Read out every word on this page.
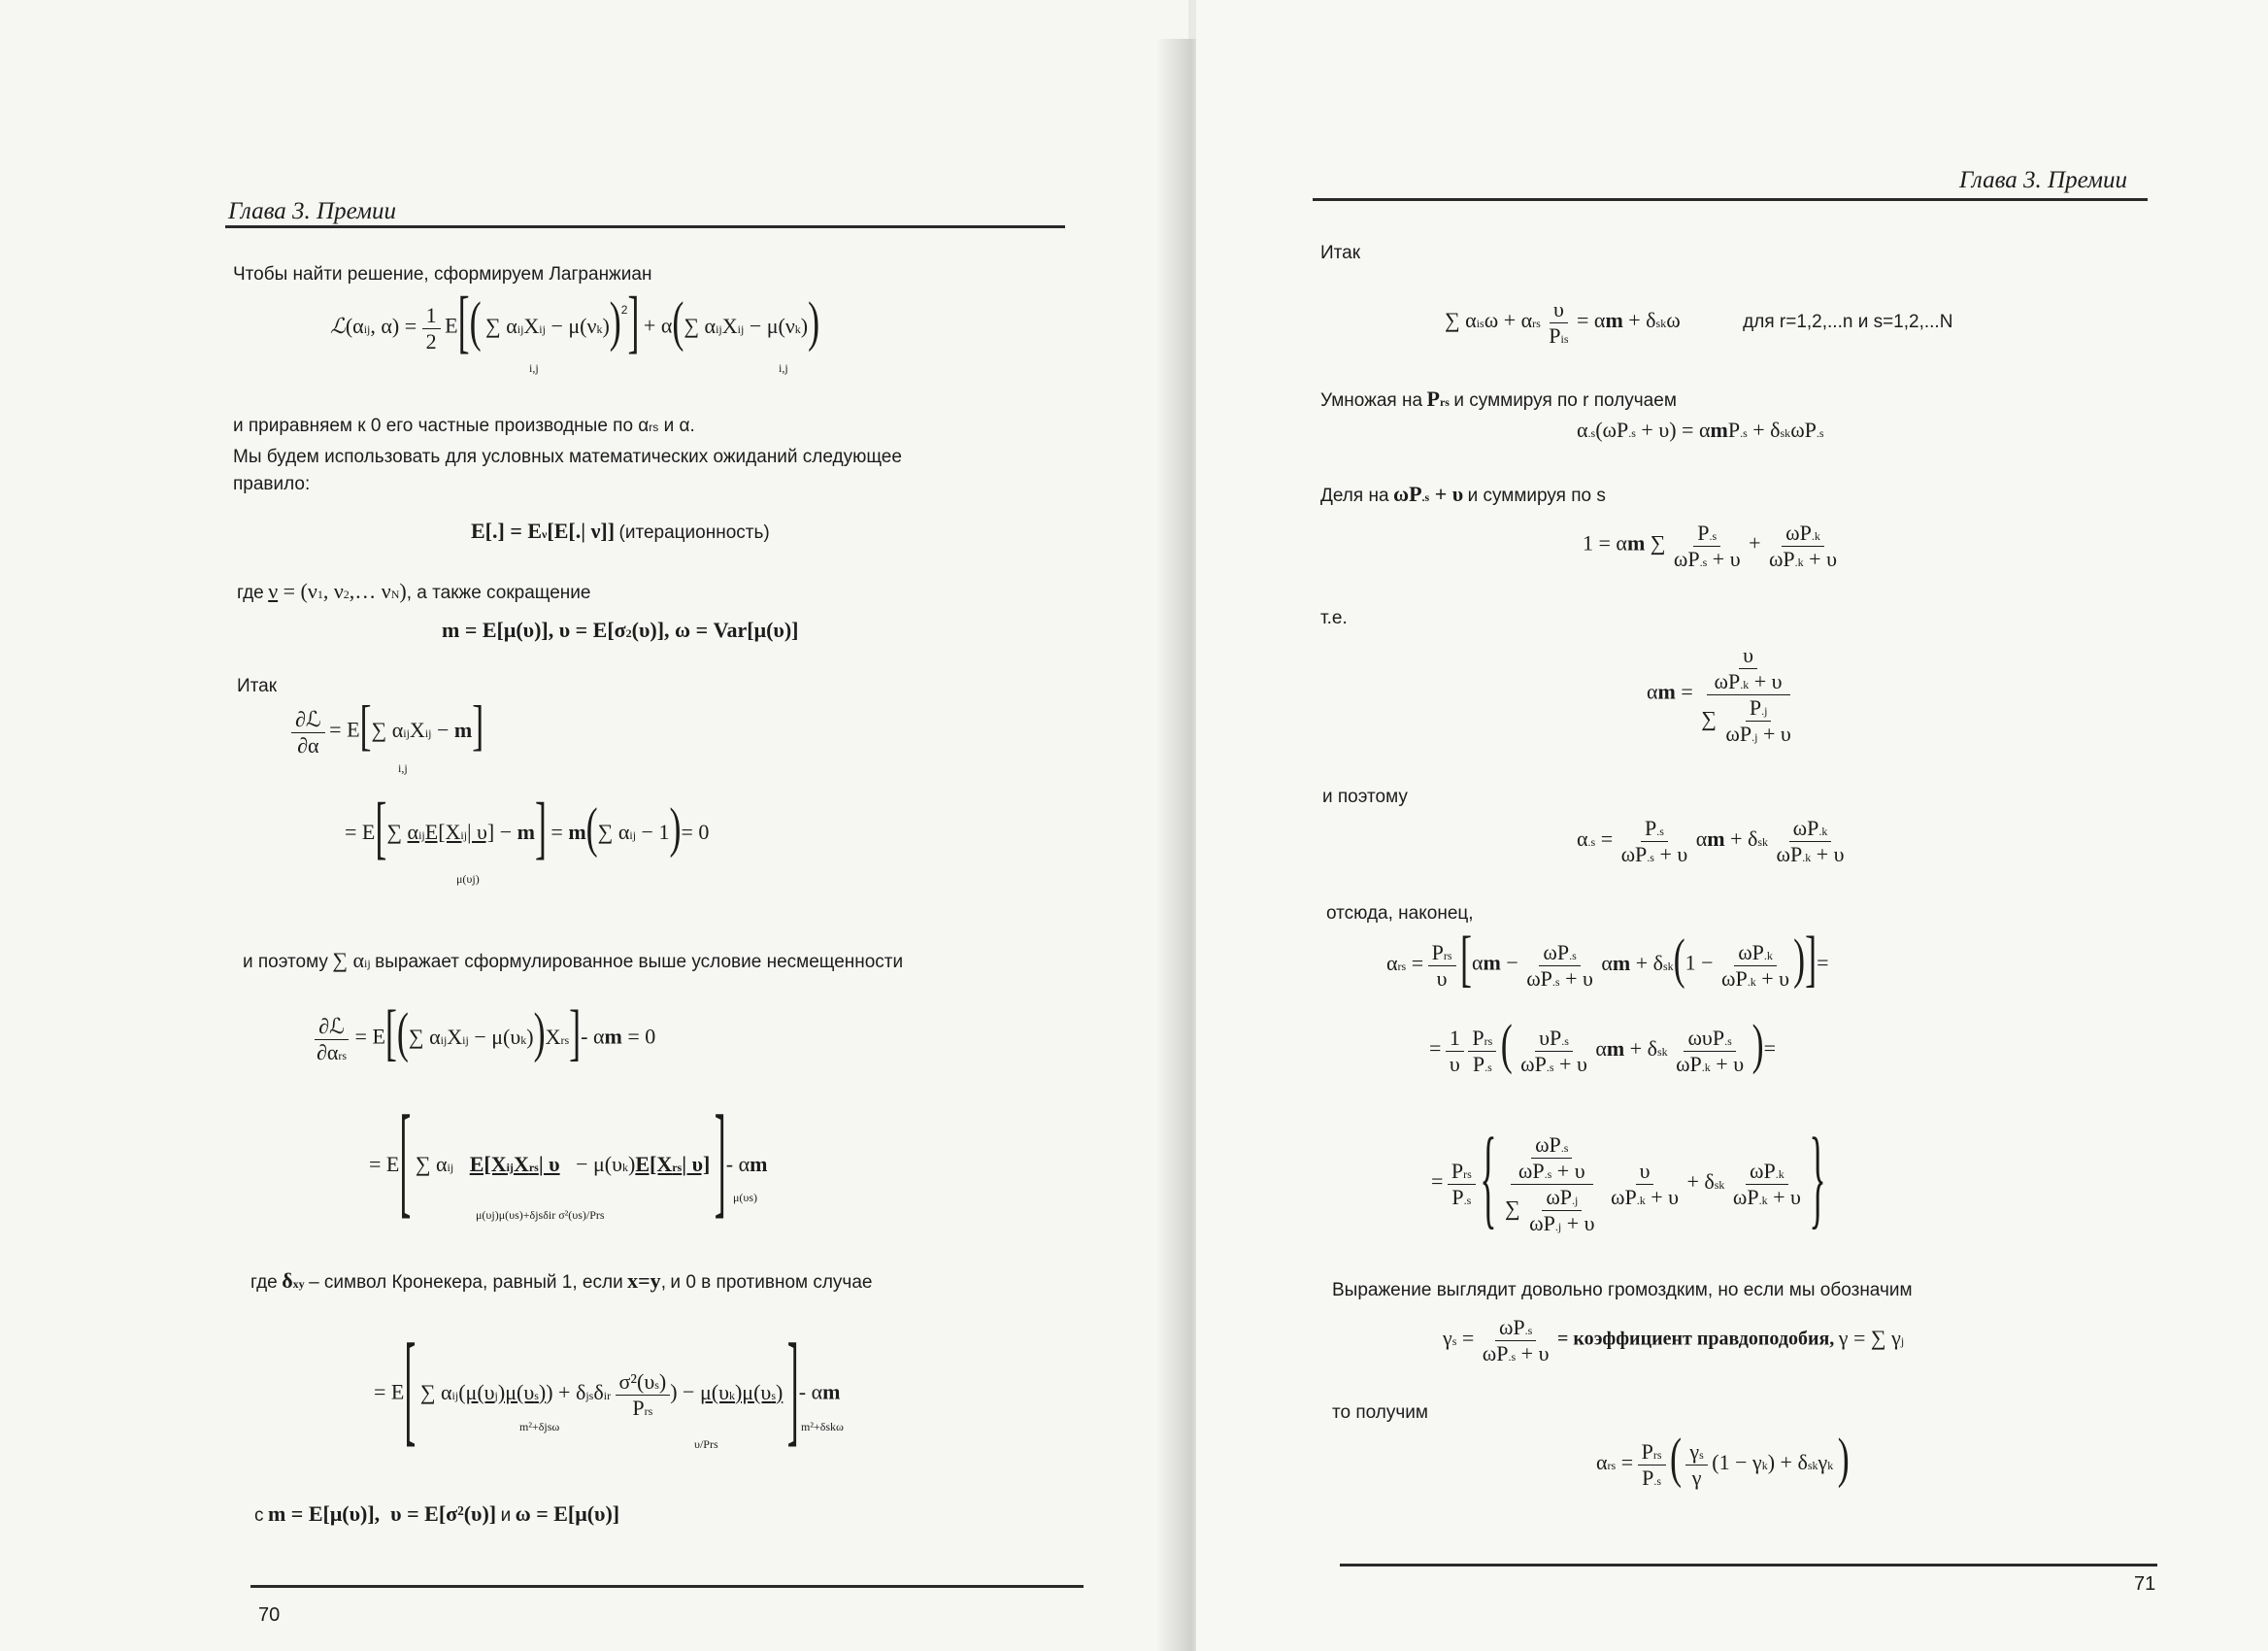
Глава 3. Премии
Чтобы найти решение, сформируем Лагранжиан
ℒ(αij, $\alpha) = \frac{1}{2} E$[( ∑ αijXij − μ(νk))$^2$] + α(∑ αijXij − μ(νk))
i,j	i,j
и приравняем к 0 его частные производные по αrs и α.
Мы будем использовать для условных математических ожиданий следующее
правило:
E[.] = Eν[E[.| ν]] (итерационность)
где ν = (ν1, ν2,… νN), а также сокращение
m = E[μ(υ)], υ = E[σ2(υ)], ω = Var[μ(υ)]
Итак
$\frac{\text{∂ℒ}}{\partial\alpha} = E[\sum$ αijXij − m]
i,j
= E[∑ αijE[Xij| υ] − m] = m(∑ αij − 1)= 0
μ(υj)
и поэтому ∑ αij выражает сформулированное выше условие несмещенности
$\frac{\text{∂ℒ}}{\text{∂αrs}} = E[(\sum$ αijXij − μ(υk))Xrs]- αm = 0
= E[ ∑ αij E[XijXrs| υ   − μ(υk)E[Xrs| υ] ]- αm
μ(υj)μ(υs)+δjsδir σ²(υs)/Prs
μ(υs)
где δxy – символ Кронекера, равный 1, если x=y, и 0 в противном случае
= E[ ∑ αij(μ(υj)μ(υs)) + δjsδir $\frac{\text{σ²(υs)}}{\text{Prs}}$ ) − μ(υk)μ(υs) ]- αm
m²+δjsω
υ/Prs
m²+δskω
с m = E[μ(υ)],  υ = E[σ²(υ)] и ω = E[μ(υ)]
70
Глава 3. Премии
Итак
∑ αisω + αrs $\frac{\upsilon}{\text{Pis}} = \alpha m + \delta sk\omega$	для r=1,2,...n и s=1,2,...N
Умножая на Prs и суммируя по r получаем
α.s(ωP.s + υ) = αmP.s + δskωP.s
Деля на ωP.s + υ и суммируя по s
1 = αm ∑ $\frac{P.s}{\omega P.s + \upsilon} + \frac{\omega P.k}{\omega P.k + \upsilon}$
т.е.
$\alpha m = \frac{\frac{\upsilon}{\omega P.k + \upsilon}}{\sum \frac{P.j}{\omega P.j + \upsilon}}$
и поэтому
$\alpha.s = \frac{P.s}{\omega P.s + \upsilon}$ αm + δsk $\frac{\omega P.k}{\omega P.k + \upsilon}$
отсюда, наконец,
$\alpha rs = \frac{\text{Prs}}{\upsilon} [\alpha m - \frac{\omega P.s}{\omega P.s + \upsilon}$ $\alpha m + \delta sk(1 - \frac{\omega P.k}{\omega P.k + \upsilon}$ )]=
= $\frac{1}{\upsilon}$
$\frac{\text{Prs}}{P.s}$ ( $\frac{\upsilon P.s}{\omega P.s + \upsilon}$ αm + δsk $\frac{\text{ωυP.s}}{\omega P.k + \upsilon}$ )=
= $\frac{\text{Prs}}{P.s}$ { $\frac{\frac{\omega P.s}{\omega P.s + \upsilon}}{\sum \frac{\omega P.j}{\omega P.j + \upsilon}}$
$\frac{\upsilon}{\omega P.k + \upsilon} + \delta sk \frac{\omega P.k}{\omega P.k + \upsilon}$ }
Выражение выглядит довольно громоздким, но если мы обозначим
$\gamma s = \frac{\omega P.s}{\omega P.s + \upsilon}$ = коэффициент правдоподобия, γ = ∑ γj
то получим
$\alpha rs = \frac{\text{Prs}}{P.s}$ ( $\frac{\gamma s}{\gamma} (1 - \gamma k) + \delta sk\gamma k$ )
71
